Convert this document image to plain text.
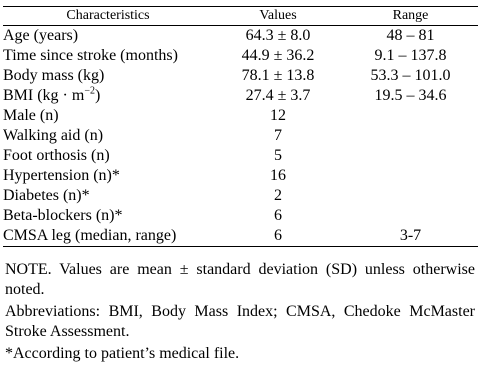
Characteristics	Values	Range
Age (years)	64.3 ± 8.0	48 – 81
Time since stroke (months)	44.9 ± 36.2	9.1 – 137.8
Body mass (kg)	78.1 ± 13.8	53.3 – 101.0
BMI $(kg \cdot m^{-2})$	27.4 ± 3.7	19.5 – 34.6
Male (n)	12	
Walking aid (n)	7	
Foot orthosis (n)	5	
Hypertension (n)*	16	
Diabetes (n)*	2	
Beta-blockers (n)*	6	
CMSA leg (median, range)	6	3-7

NOTE. Values are mean ± standard deviation (SD) unless otherwise noted.

Abbreviations: BMI, Body Mass Index; CMSA, Chedoke McMaster Stroke Assessment.

*According to patient’s medical file.
